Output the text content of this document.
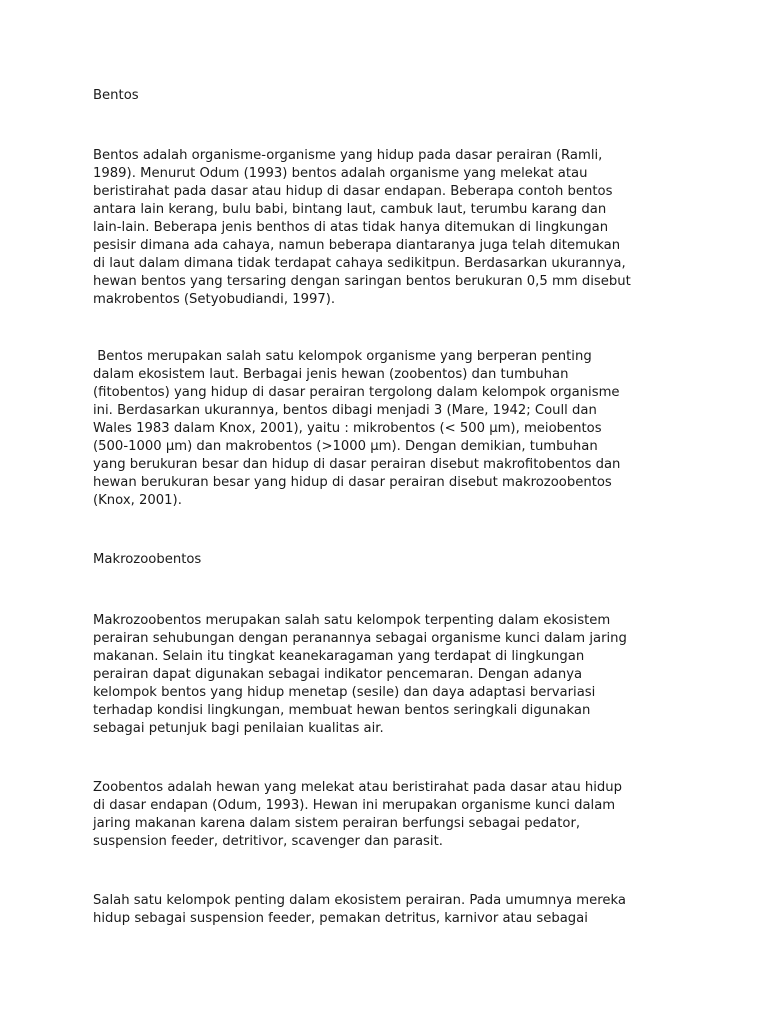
Bentos

Bentos adalah organisme-organisme yang hidup pada dasar perairan (Ramli,
1989). Menurut Odum (1993) bentos adalah organisme yang melekat atau
beristirahat pada dasar atau hidup di dasar endapan. Beberapa contoh bentos
antara lain kerang, bulu babi, bintang laut, cambuk laut, terumbu karang dan
lain-lain. Beberapa jenis benthos di atas tidak hanya ditemukan di lingkungan
pesisir dimana ada cahaya, namun beberapa diantaranya juga telah ditemukan
di laut dalam dimana tidak terdapat cahaya sedikitpun. Berdasarkan ukurannya,
hewan bentos yang tersaring dengan saringan bentos berukuran 0,5 mm disebut
makrobentos (Setyobudiandi, 1997).

Bentos merupakan salah satu kelompok organisme yang berperan penting
dalam ekosistem laut. Berbagai jenis hewan (zoobentos) dan tumbuhan
(fitobentos) yang hidup di dasar perairan tergolong dalam kelompok organisme
ini. Berdasarkan ukurannya, bentos dibagi menjadi 3 (Mare, 1942; Coull dan
Wales 1983 dalam Knox, 2001), yaitu : mikrobentos (< 500 µm), meiobentos
(500-1000 µm) dan makrobentos (>1000 µm). Dengan demikian, tumbuhan
yang berukuran besar dan hidup di dasar perairan disebut makrofitobentos dan
hewan berukuran besar yang hidup di dasar perairan disebut makrozoobentos
(Knox, 2001).

Makrozoobentos

Makrozoobentos merupakan salah satu kelompok terpenting dalam ekosistem
perairan sehubungan dengan peranannya sebagai organisme kunci dalam jaring
makanan. Selain itu tingkat keanekaragaman yang terdapat di lingkungan
perairan dapat digunakan sebagai indikator pencemaran. Dengan adanya
kelompok bentos yang hidup menetap (sesile) dan daya adaptasi bervariasi
terhadap kondisi lingkungan, membuat hewan bentos seringkali digunakan
sebagai petunjuk bagi penilaian kualitas air.

Zoobentos adalah hewan yang melekat atau beristirahat pada dasar atau hidup
di dasar endapan (Odum, 1993). Hewan ini merupakan organisme kunci dalam
jaring makanan karena dalam sistem perairan berfungsi sebagai pedator,
suspension feeder, detritivor, scavenger dan parasit.

Salah satu kelompok penting dalam ekosistem perairan. Pada umumnya mereka
hidup sebagai suspension feeder, pemakan detritus, karnivor atau sebagai
